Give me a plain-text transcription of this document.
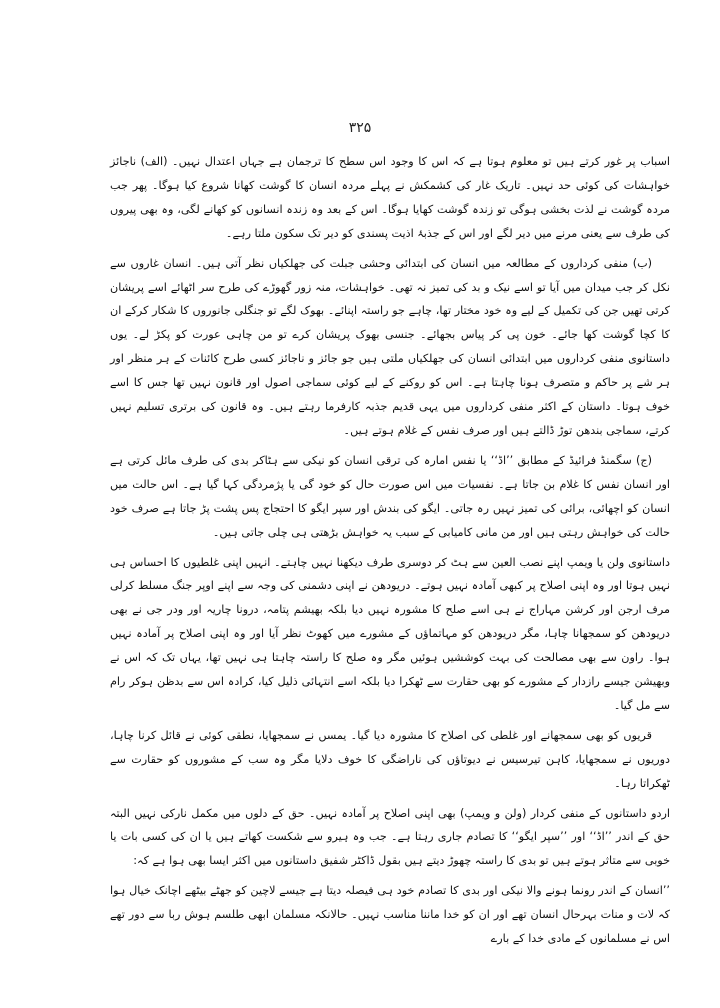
۳۲۵

اسباب پر غور کرتے ہیں تو معلوم ہوتا ہے کہ اس کا وجود اس سطح کا ترجمان ہے جہاں اعتدال نہیں۔ (الف) ناجائز خواہشات کی کوئی حد نہیں۔ تاریک غار کی کشمکش نے پہلے مردہ انسان کا گوشت کھانا شروع کیا ہوگا۔ پھر جب مردہ گوشت نے لذت بخشی ہوگی تو زندہ گوشت کھایا ہوگا۔ اس کے بعد وہ زندہ انسانوں کو کھانے لگی، وہ بھی پیروں کی طرف سے یعنی مرنے میں دیر لگے اور اس کے جذبۂ اذیت پسندی کو دیر تک سکون ملتا رہے۔

(ب) منفی کرداروں کے مطالعہ میں انسان کی ابتدائی وحشی جبلت کی جھلکیاں نظر آتی ہیں۔ انسان غاروں سے نکل کر جب میدان میں آیا تو اسے نیک و بد کی تمیز نہ تھی۔ خواہشات، منہ زور گھوڑے کی طرح سر اٹھائے اسے پریشان کرتی تھیں جن کی تکمیل کے لیے وہ خود مختار تھا، چاہے جو راستہ اپنائے۔ بھوک لگے تو جنگلی جانوروں کا شکار کرکے ان کا کچا گوشت کھا جائے۔ خون پی کر پیاس بجھائے۔ جنسی بھوک پریشان کرے تو من چاہی عورت کو پکڑ لے۔ یوں داستانوی منفی کرداروں میں ابتدائی انسان کی جھلکیاں ملتی ہیں جو جائز و ناجائز کسی طرح کائنات کے ہر منظر اور ہر شے پر حاکم و متصرف ہونا چاہتا ہے۔ اس کو روکنے کے لیے کوئی سماجی اصول اور قانون نہیں تھا جس کا اسے خوف ہوتا۔ داستان کے اکثر منفی کرداروں میں یہی قدیم جذبہ کارفرما رہتے ہیں۔ وہ قانون کی برتری تسلیم نہیں کرتے، سماجی بندھن توڑ ڈالتے ہیں اور صرف نفس کے غلام ہوتے ہیں۔

(ج) سگمنڈ فرائیڈ کے مطابق ’’اڈ‘‘ یا نفس امارہ کی ترقی انسان کو نیکی سے ہٹاکر بدی کی طرف مائل کرتی ہے اور انسان نفس کا غلام بن جاتا ہے۔ نفسیات میں اس صورت حال کو خود گی یا پژمردگی کہا گیا ہے۔ اس حالت میں انسان کو اچھائی، برائی کی تمیز نہیں رہ جاتی۔ ایگو کی بندش اور سپر ایگو کا احتجاج پس پشت پڑ جاتا ہے صرف خود حالت کی خواہش رہتی ہیں اور من مانی کامیابی کے سبب یہ خواہش بڑھتی ہی چلی جاتی ہیں۔

داستانوی ولن یا ویمپ اپنے نصب العین سے ہٹ کر دوسری طرف دیکھنا نہیں چاہتے۔ انہیں اپنی غلطیوں کا احساس ہی نہیں ہوتا اور وہ اپنی اصلاح پر کبھی آمادہ نہیں ہوتے۔ دریودھن نے اپنی دشمنی کی وجہ سے اپنے اوپر جنگ مسلط کرلی مرف ارجن اور کرشن مہاراج نے ہی اسے صلح کا مشورہ نہیں دیا بلکہ بھیشم پتامہ، درونا چاریہ اور ودر جی نے بھی دریودھن کو سمجھانا چاہا، مگر دریودھن کو مہاتماؤں کے مشورے میں کھوٹ نظر آیا اور وہ اپنی اصلاح پر آمادہ نہیں ہوا۔ راون سے بھی مصالحت کی بہت کوششیں ہوئیں مگر وہ صلح کا راستہ چاہتا ہی نہیں تھا، یہاں تک کہ اس نے وبھیشن جیسے رازدار کے مشورے کو بھی حقارت سے ٹھکرا دیا بلکہ اسے انتہائی ذلیل کیا، کرادہ اس سے بدظن ہوکر رام سے مل گیا۔

قریوں کو بھی سمجھانے اور غلطی کی اصلاح کا مشورہ دیا گیا۔ یمسں نے سمجھایا، نطقی کوئی نے قائل کرنا چاہا، دوریوں نے سمجھایا، کاہن تیرسیس نے دیوتاؤں کی ناراضگی کا خوف دلایا مگر وہ سب کے مشوروں کو حقارت سے ٹھکراتا رہا۔

اردو داستانوں کے منفی کردار (ولن و ویمپ) بھی اپنی اصلاح پر آمادہ نہیں۔ حق کے دلوں میں مکمل نارکی نہیں البتہ حق کے اندر ’’اڈ‘‘ اور ’’سپر ایگو‘‘ کا تصادم جاری رہتا ہے۔ جب وہ ہیرو سے شکست کھاتے ہیں یا ان کی کسی بات یا خوبی سے متاثر ہوتے ہیں تو بدی کا راستہ چھوڑ دیتے ہیں بقول ڈاکٹر شفیق داستانوں میں اکثر ایسا بھی ہوا ہے کہ:

’’انسان کے اندر رونما ہونے والا نیکی اور بدی کا تصادم خود ہی فیصلہ دیتا ہے جیسے لاچین کو جھٹے بیٹھے اچانک خیال ہوا کہ لات و منات بہرحال انسان تھے اور ان کو خدا ماننا مناسب نہیں۔ حالانکہ مسلمان ابھی طلسم ہوش ربا سے دور تھے اس نے مسلمانوں کے مادی خدا کے بارے
